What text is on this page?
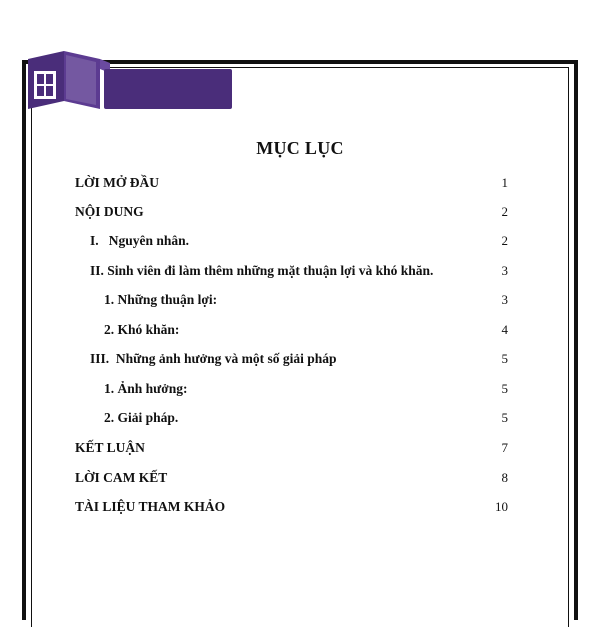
Vietbaocaothue24h
CHẤT LƯỢNG - UY TÍN - BẢO MẬT
MỤC LỤC
LỜI MỞ ĐẦU	1
NỘI DUNG	2
I.   Nguyên nhân.	2
II. Sinh viên đi làm thêm những mặt thuận lợi và khó khăn.	3
1. Những thuận lợi:	3
2. Khó khăn:	4
III.  Những ảnh hưởng và một số giải pháp	5
1. Ảnh hưởng:	5
2. Giải pháp.	5
KẾT LUẬN	7
LỜI CAM KẾT	8
TÀI LIỆU THAM KHẢO	10
